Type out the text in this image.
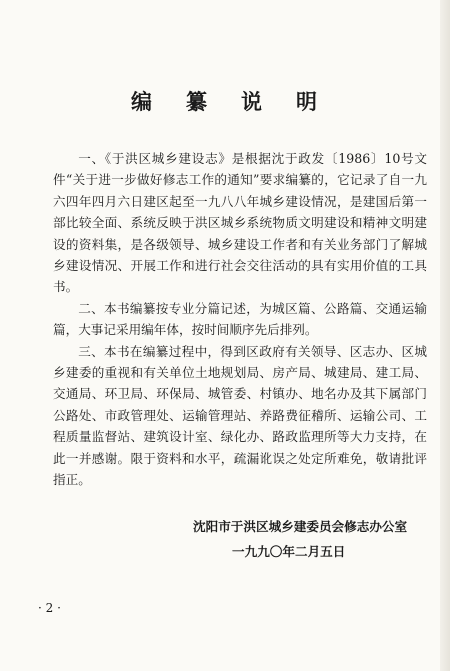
编 纂 说 明

一、《于洪区城乡建设志》是根据沈于政发〔1986〕10号文件“关于进一步做好修志工作的通知”要求编纂的，它记录了自一九六四年四月六日建区起至一九八八年城乡建设情况，是建国后第一部比较全面、系统反映于洪区城乡系统物质文明建设和精神文明建设的资料集，是各级领导、城乡建设工作者和有关业务部门了解城乡建设情况、开展工作和进行社会交往活动的具有实用价值的工具书。

二、本书编纂按专业分篇记述，为城区篇、公路篇、交通运输篇，大事记采用编年体，按时间顺序先后排列。

三、本书在编纂过程中，得到区政府有关领导、区志办、区城乡建委的重视和有关单位土地规划局、房产局、城建局、建工局、交通局、环卫局、环保局、城管委、村镇办、地名办及其下属部门公路处、市政管理处、运输管理站、养路费征稽所、运输公司、工程质量监督站、建筑设计室、绿化办、路政监理所等大力支持，在此一并感谢。限于资料和水平，疏漏讹误之处定所难免，敬请批评指正。

沈阳市于洪区城乡建委员会修志办公室
一九九〇年二月五日
· 2 ·
